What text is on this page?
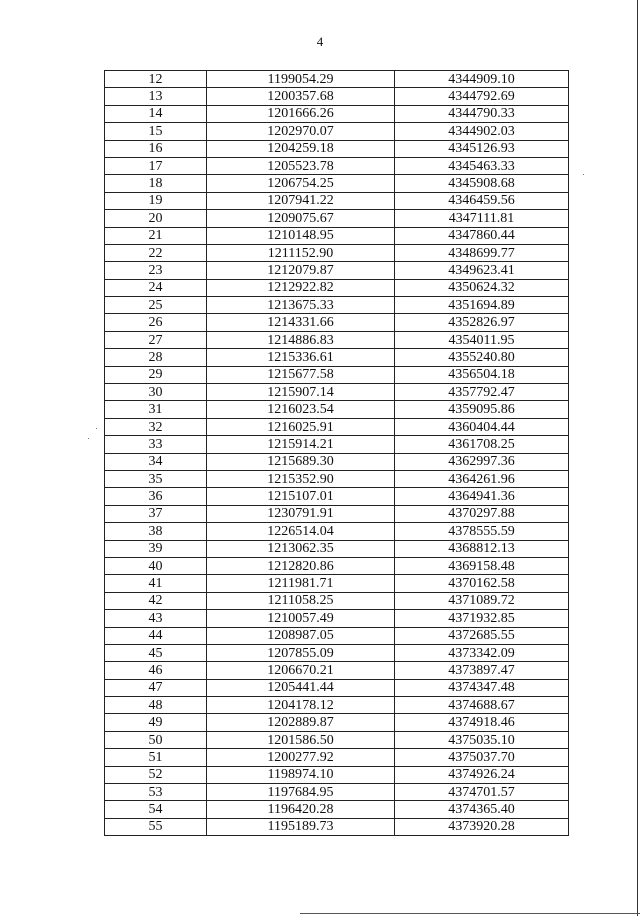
4
12	1199054.29	4344909.10
13	1200357.68	4344792.69
14	1201666.26	4344790.33
15	1202970.07	4344902.03
16	1204259.18	4345126.93
17	1205523.78	4345463.33
18	1206754.25	4345908.68
19	1207941.22	4346459.56
20	1209075.67	4347111.81
21	1210148.95	4347860.44
22	1211152.90	4348699.77
23	1212079.87	4349623.41
24	1212922.82	4350624.32
25	1213675.33	4351694.89
26	1214331.66	4352826.97
27	1214886.83	4354011.95
28	1215336.61	4355240.80
29	1215677.58	4356504.18
30	1215907.14	4357792.47
31	1216023.54	4359095.86
32	1216025.91	4360404.44
33	1215914.21	4361708.25
34	1215689.30	4362997.36
35	1215352.90	4364261.96
36	1215107.01	4364941.36
37	1230791.91	4370297.88
38	1226514.04	4378555.59
39	1213062.35	4368812.13
40	1212820.86	4369158.48
41	1211981.71	4370162.58
42	1211058.25	4371089.72
43	1210057.49	4371932.85
44	1208987.05	4372685.55
45	1207855.09	4373342.09
46	1206670.21	4373897.47
47	1205441.44	4374347.48
48	1204178.12	4374688.67
49	1202889.87	4374918.46
50	1201586.50	4375035.10
51	1200277.92	4375037.70
52	1198974.10	4374926.24
53	1197684.95	4374701.57
54	1196420.28	4374365.40
55	1195189.73	4373920.28
